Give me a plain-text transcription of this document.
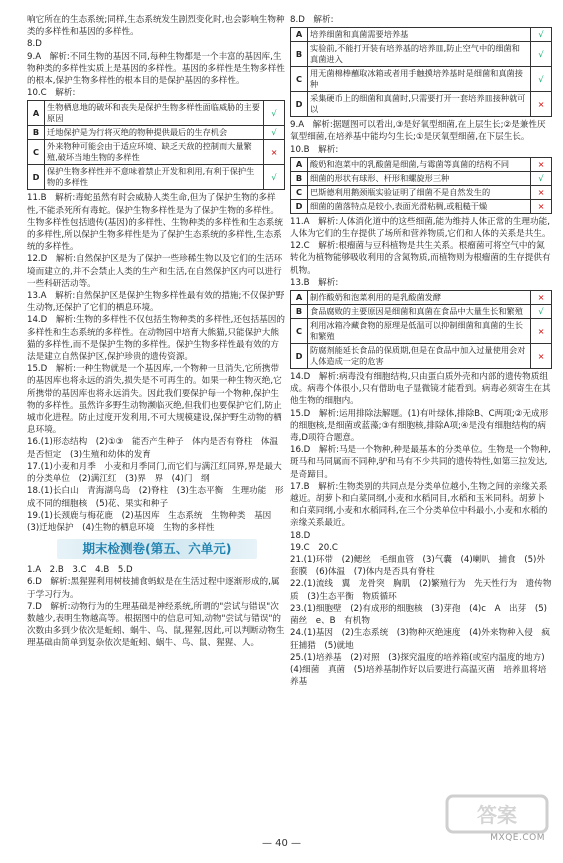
响它所在的生态系统;同样,生态系统发生剧烈变化时,也会影响生物种类的多样性和基因的多样性。

8.D

9.A　解析:不同生物的基因不同,每种生物都是一个丰富的基因库,生物种类的多样性实质上是基因的多样性。基因的多样性是生物多样性的根本,保护生物多样性的根本目的是保护基因的多样性。

10.C　解析:

A	生物栖息地的破坏和丧失是保护生物多样性面临威胁的主要原因	√
B	迁地保护是为行将灭绝的物种提供最后的生存机会	√
C	外来物种可能会由于适应环境、缺乏天敌的控制而大量繁殖,破坏当地生物的多样性	×
D	保护生物多样性并不意味着禁止开发和利用,有利于保护生物的多样性	√

11.B　解析:毒蛇虽然有时会威胁人类生命,但为了保护生物的多样性,不能杀死所有毒蛇。保护生物多样性是为了保护生物的多样性。生物多样性包括遗传(基因)的多样性、生物种类的多样性和生态系统的多样性,所以保护生物多样性是为了保护生态系统的多样性,生态系统的多样性。

12.D　解析:自然保护区是为了保护一些珍稀生物以及它们的生活环境而建立的,并不会禁止人类的生产和生活,在自然保护区内可以进行一些科研活动等。

13.A　解析:自然保护区是保护生物多样性最有效的措施;不仅保护野生动物,还保护了它们的栖息环境。

14.D　解析:生物的多样性不仅包括生物种类的多样性,还包括基因的多样性和生态系统的多样性。在动物园中培育大熊猫,只能保护大熊猫的多样性,而不是保护生物的多样性。保护生物多样性最有效的方法是建立自然保护区,保护珍贵的遗传资源。

15.D　解析:一种生物就是一个基因库,一个物种一旦消失,它所携带的基因库也将永远的消失,损失是不可再生的。如果一种生物灭绝,它所携带的基因库也将永远消失。因此我们要保护每一个物种,保护生物的多样性。虽然许多野生动物濒临灭绝,但我们也要保护它们,防止城市化进程。防止过度开发利用,不可大规模建设,保护野生动物的栖息环境。

16.(1)形态结构　(2)①③　能否产生种子　体内是否有脊柱　体温是否恒定　(3)生殖和幼体的发育

17.(1)小麦和月季　小麦和月季同门,而它们与满江红同界,界是最大的分类单位　(2)满江红　(3)界　界　(4)门　纲

18.(1)长白山　青海湖鸟岛　(2)脊柱　(3)生态平衡　生理功能　形成不同的细胞核　(5)花、果实和种子

19.(1)长颈鹿与梅花鹿　(2)基因库　生态系统　生物种类　基因　(3)迁地保护　(4)生物的栖息环境　生物的多样性

期末检测卷(第五、六单元)

1.A　2.B　3.C　4.B　5.D

6.D　解析:黑猩猩利用树枝捕食蚂蚁是在生活过程中逐渐形成的,属于学习行为。

7.D　解析:动物行为的生理基础是神经系统,所谓的"尝试与错误"次数越少,表明生物越高等。根据图中的信息可知,动物"尝试与错误"的次数由多到少依次是蚯蚓、蜗牛、鸟、鼠,猩猩,因此,可以判断动物生理基础由简单到复杂依次是蚯蚓、蜗牛、鸟、鼠、猩猩、人。

8.D　解析:

A	培养细菌和真菌需要培养基	√
B	实验前,不能打开装有培养基的培养皿,防止空气中的细菌和真菌进入	√
C	用无菌棉棒蘸取冰箱或者用手触摸培养基时是细菌和真菌接种	√
D	采集硬币上的细菌和真菌时,只需要打开一套培养皿接种就可以	×

9.A　解析:据题图可以看出,③是好氧型细菌,在上层生长;②是兼性厌氧型细菌,在培养基中能均匀生长;①是厌氧型细菌,在下层生长。

10.B　解析:

A	酸奶和泡菜中的乳酸菌是细菌,与霉菌等真菌的结构不同	×
B	细菌的形状有球形、杆形和螺旋形三种	√
C	巴斯德利用鹅颈瓶实验证明了细菌不是自然发生的	×
D	细菌的菌落特点是较小,表面光滑粘稠,或粗糙干燥	×

11.A　解析:人体消化道中的这些细菌,能为维持人体正常的生理功能,人体为它们的生存提供了场所和营养物质,它们和人体的关系是共生。

12.C　解析:根瘤菌与豆科植物是共生关系。根瘤菌可将空气中的氮转化为植物能够吸收利用的含氮物质,而植物则为根瘤菌的生存提供有机物。

13.B　解析:

A	制作酸奶和泡菜利用的是乳酸菌发酵	×
B	食品腐败的主要原因是细菌和真菌在食品中大量生长和繁殖	√
C	利用冰箱冷藏食物的原理是低温可以抑制细菌和真菌的生长和繁殖	×
D	防腐剂能延长食品的保质期,但是在食品中加入过量使用会对人体造成一定的危害	×

14.D　解析:病毒没有细胞结构,只由蛋白质外壳和内部的遗传物质组成。病毒个体很小,只有借助电子显微镜才能看到。病毒必须寄生在其他生物的细胞内。

15.D　解析:运用排除法解题。(1)有叶绿体,排除B、C两项;②无成形的细胞核,是细菌或蓝藻;③有细胞核,排除A项;④是没有细胞结构的病毒,D项符合题意。

16.D　解析:马是一个物种,种是最基本的分类单位。生物是一个物种,斑马和马同属而不同种,驴和马有不少共同的遗传特性,如第三拉发达,是奇蹄目。

17.B　解析:生物类别的共同点是分类单位越小,生物之间的亲缘关系越近。胡萝卜和白菜同纲,小麦和水稻同目,水稻和玉米同科。胡萝卜和白菜同纲,小麦和水稻同科,在三个分类单位中科最小,小麦和水稻的亲缘关系最近。

18.D

19.C　20.C

21.(1)环带　(2)鳃丝　毛细血管　(3)气囊　(4)喇叭　捕食　(5)外套膜　(6)体温　(7)体内是否具有脊柱

22.(1)流线　翼　龙骨突　胸肌　(2)繁殖行为　先天性行为　遗传物质　(3)生态平衡　物质循环

23.(1)细胞壁　(2)有成形的细胞核　(3)芽孢　(4)c　A　出芽　(5)菌丝　e、B　有机物

24.(1)基因　(2)生态系统　(3)物种灭绝速度　(4)外来物种入侵　疯狂捕猎　(5)就地

25.(1)培养基　(2)对照　(3)探究温度的培养箱(或室内温度的地方)　(4)细菌　真菌　(5)培养基制作好以后要进行高温灭菌　培养皿将培养基

答案
MXQE.COM
— 40 —
